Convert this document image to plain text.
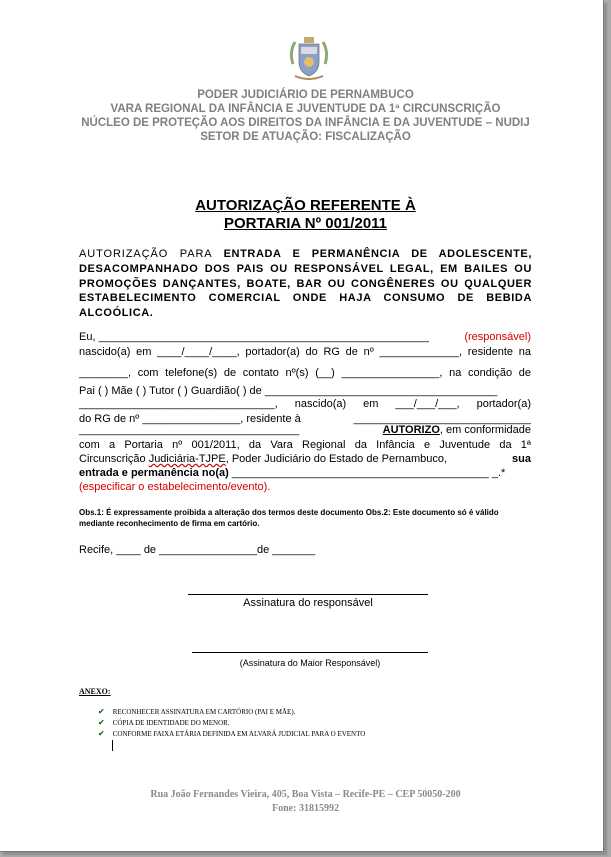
PODER JUDICIÁRIO DE PERNAMBUCO
VARA REGIONAL DA INFÂNCIA E JUVENTUDE DA 1ª CIRCUNSCRIÇÃO
NÚCLEO DE PROTEÇÃO AOS DIREITOS DA INFÂNCIA E DA JUVENTUDE – NUDIJ
SETOR DE ATUAÇÃO: FISCALIZAÇÃO
AUTORIZAÇÃO REFERENTE À
PORTARIA Nº 001/2011
AUTORIZAÇÃO PARA ENTRADA E PERMANÊNCIA DE ADOLESCENTE, DESACOMPANHADO DOS PAIS OU RESPONSÁVEL LEGAL, EM BAILES OU PROMOÇÕES DANÇANTES, BOATE, BAR OU CONGÊNERES OU QUALQUER ESTABELECIMENTO COMERCIAL ONDE HAJA CONSUMO DE BEBIDA ALCOÓLICA.
Eu, ______________________________________________________	(responsável)
nascido(a) em ____/____/____, portador(a) do RG de nº _____________, residente na
________, com telefone(s) de contato nº(s) (__) ________________, na condição de
Pai ( ) Mãe ( ) Tutor ( ) Guardião( ) de ______________________________________
________________________________, nascido(a) em ___/___/___, portador(a)
do RG de nº ________________, residente à	_____________________________
____________________________________	AUTORIZO, em conformidade
com a Portaria nº 001/2011, da Vara Regional da Infância e Juventude da 1ª
Circunscrição Judiciária-TJPE, Poder Judiciário do Estado de Pernambuco,	sua
entrada e permanência no(a) __________________________________________ _.*
(especificar o estabelecimento/evento).
Obs.1: É expressamente proibida a alteração dos termos deste documento Obs.2: Este documento só é válido mediante reconhecimento de firma em cartório.
Recife, ____ de ________________de _______
Assinatura do responsável
(Assinatura do Maior Responsável)
ANEXO:
✔ RECONHECER ASSINATURA EM CARTÓRIO (PAI E MÃE).
✔ CÓPIA DE IDENTIDADE DO MENOR.
✔ CONFORME FAIXA ETÁRIA DEFINIDA EM ALVARÁ JUDICIAL PARA O EVENTO
Rua João Fernandes Vieira, 405, Boa Vista – Recife-PE – CEP 50050-200
Fone: 31815992
